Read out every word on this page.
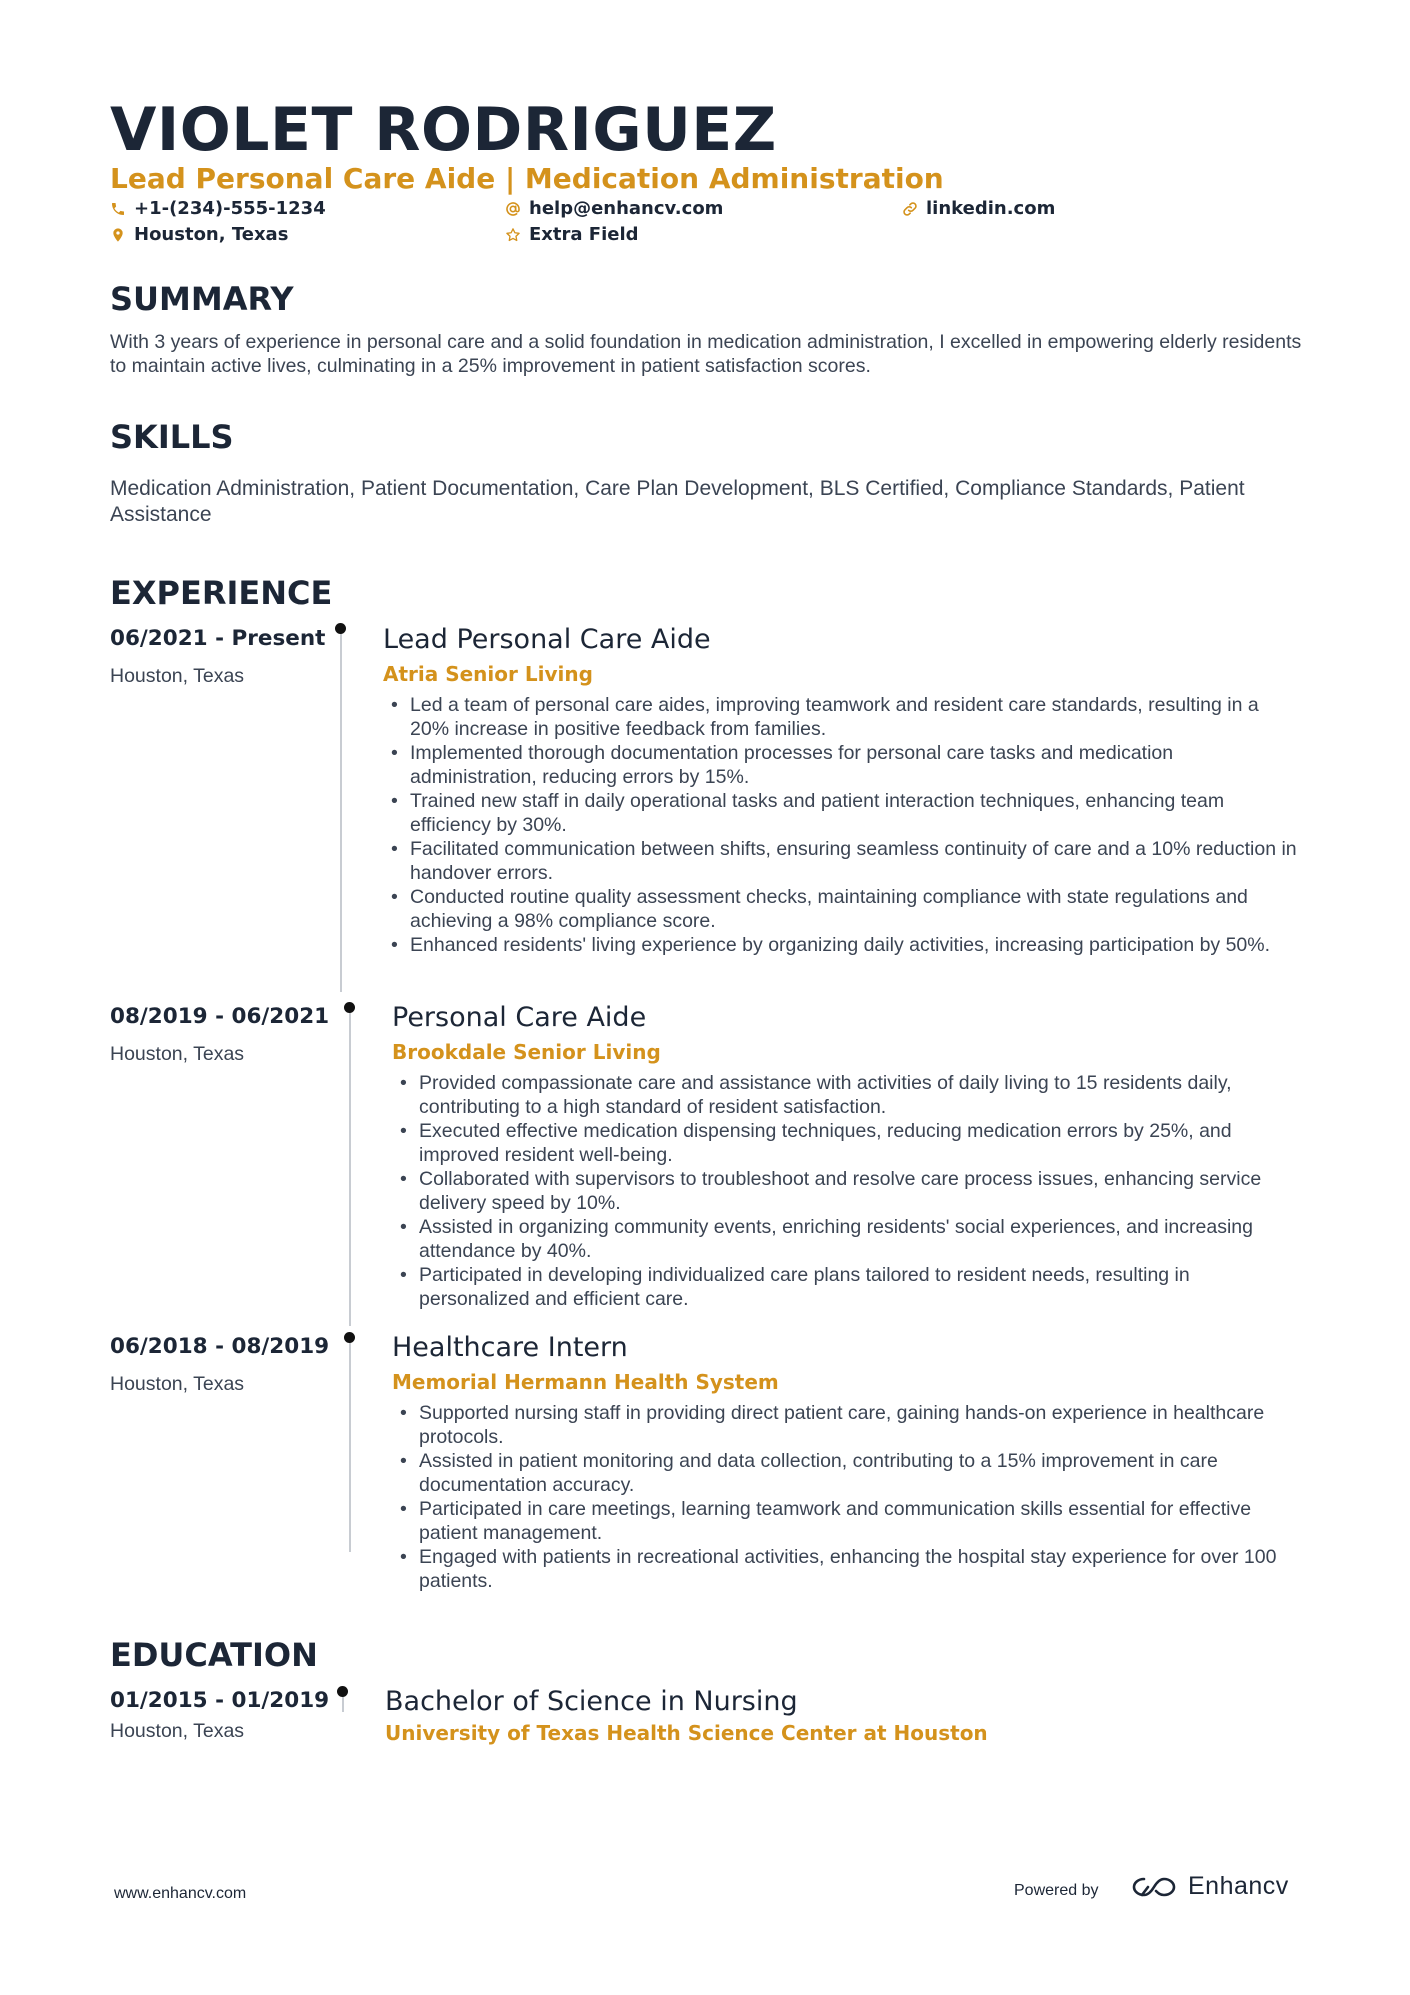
VIOLET RODRIGUEZ
Lead Personal Care Aide | Medication Administration
+1-(234)-555-1234	help@enhancv.com	linkedin.com
Houston, Texas	Extra Field
SUMMARY

With 3 years of experience in personal care and a solid foundation in medication administration, I excelled in empowering elderly residents to maintain active lives, culminating in a 25% improvement in patient satisfaction scores.

SKILLS

Medication Administration, Patient Documentation, Care Plan Development, BLS Certified, Compliance Standards, Patient Assistance

EXPERIENCE
06/2021 - Present
Houston, Texas
Lead Personal Care Aide
Atria Senior Living
• Led a team of personal care aides, improving teamwork and resident care standards, resulting in a 20% increase in positive feedback from families.
• Implemented thorough documentation processes for personal care tasks and medication administration, reducing errors by 15%.
• Trained new staff in daily operational tasks and patient interaction techniques, enhancing team efficiency by 30%.
• Facilitated communication between shifts, ensuring seamless continuity of care and a 10% reduction in handover errors.
• Conducted routine quality assessment checks, maintaining compliance with state regulations and achieving a 98% compliance score.
• Enhanced residents' living experience by organizing daily activities, increasing participation by 50%.
08/2019 - 06/2021
Houston, Texas
Personal Care Aide
Brookdale Senior Living
• Provided compassionate care and assistance with activities of daily living to 15 residents daily, contributing to a high standard of resident satisfaction.
• Executed effective medication dispensing techniques, reducing medication errors by 25%, and improved resident well-being.
• Collaborated with supervisors to troubleshoot and resolve care process issues, enhancing service delivery speed by 10%.
• Assisted in organizing community events, enriching residents' social experiences, and increasing attendance by 40%.
• Participated in developing individualized care plans tailored to resident needs, resulting in personalized and efficient care.
06/2018 - 08/2019
Houston, Texas
Healthcare Intern
Memorial Hermann Health System
• Supported nursing staff in providing direct patient care, gaining hands-on experience in healthcare protocols.
• Assisted in patient monitoring and data collection, contributing to a 15% improvement in care documentation accuracy.
• Participated in care meetings, learning teamwork and communication skills essential for effective patient management.
• Engaged with patients in recreational activities, enhancing the hospital stay experience for over 100 patients.
EDUCATION
01/2015 - 01/2019
Houston, Texas
Bachelor of Science in Nursing
University of Texas Health Science Center at Houston
www.enhancv.com	Powered by	Enhancv
